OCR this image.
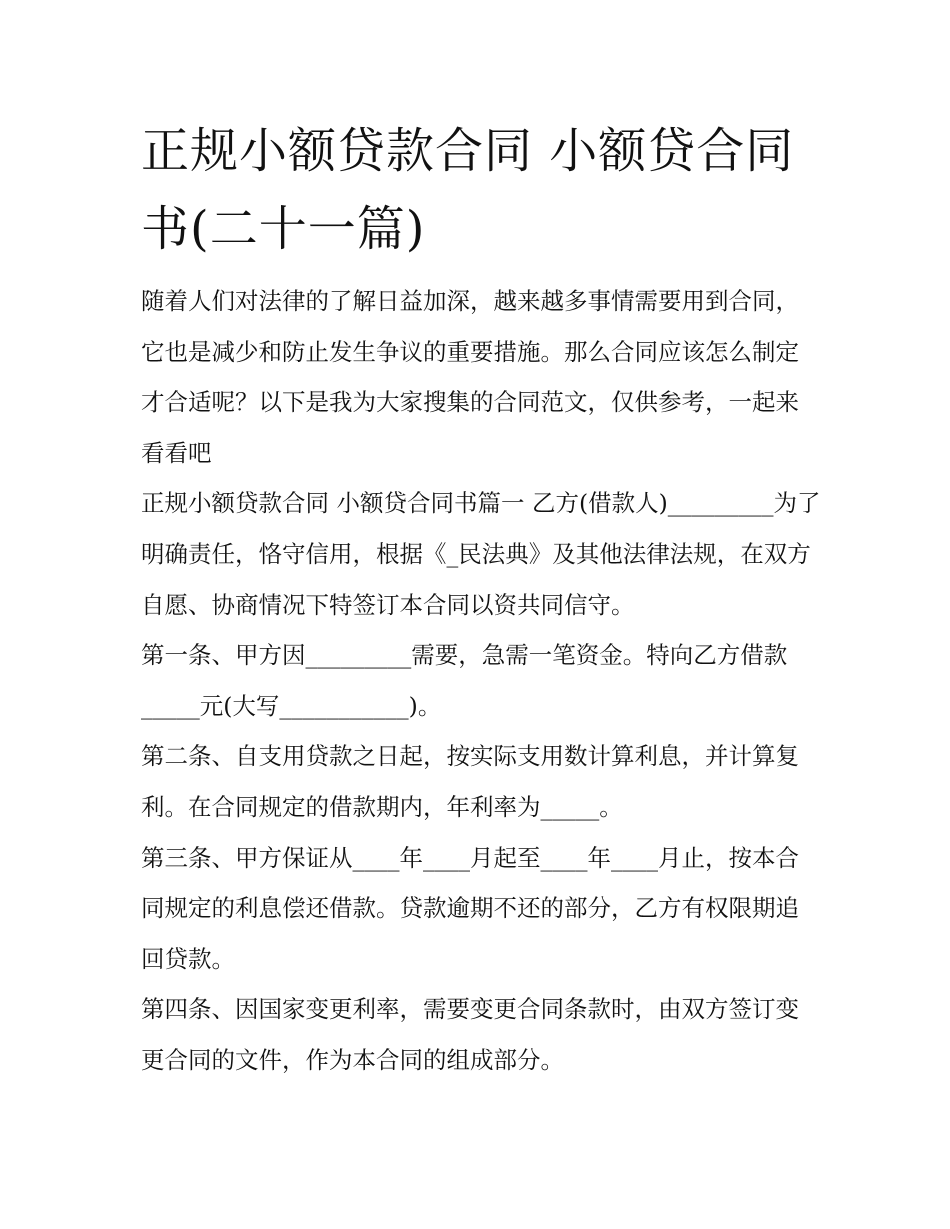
正规小额贷款合同 小额贷合同书(二十一篇)

随着人们对法律的了解日益加深，越来越多事情需要用到合同，它也是减少和防止发生争议的重要措施。那么合同应该怎么制定才合适呢？以下是我为大家搜集的合同范文，仅供参考，一起来看看吧

正规小额贷款合同 小额贷合同书篇一 乙方(借款人)_________为了明确责任，恪守信用，根据《_民法典》及其他法律法规，在双方自愿、协商情况下特签订本合同以资共同信守。

第一条、甲方因_________需要，急需一笔资金。特向乙方借款_____元(大写___________)。

第二条、自支用贷款之日起，按实际支用数计算利息，并计算复利。在合同规定的借款期内，年利率为_____。

第三条、甲方保证从____年____月起至____年____月止，按本合同规定的利息偿还借款。贷款逾期不还的部分，乙方有权限期追回贷款。

第四条、因国家变更利率，需要变更合同条款时，由双方签订变更合同的文件，作为本合同的组成部分。
